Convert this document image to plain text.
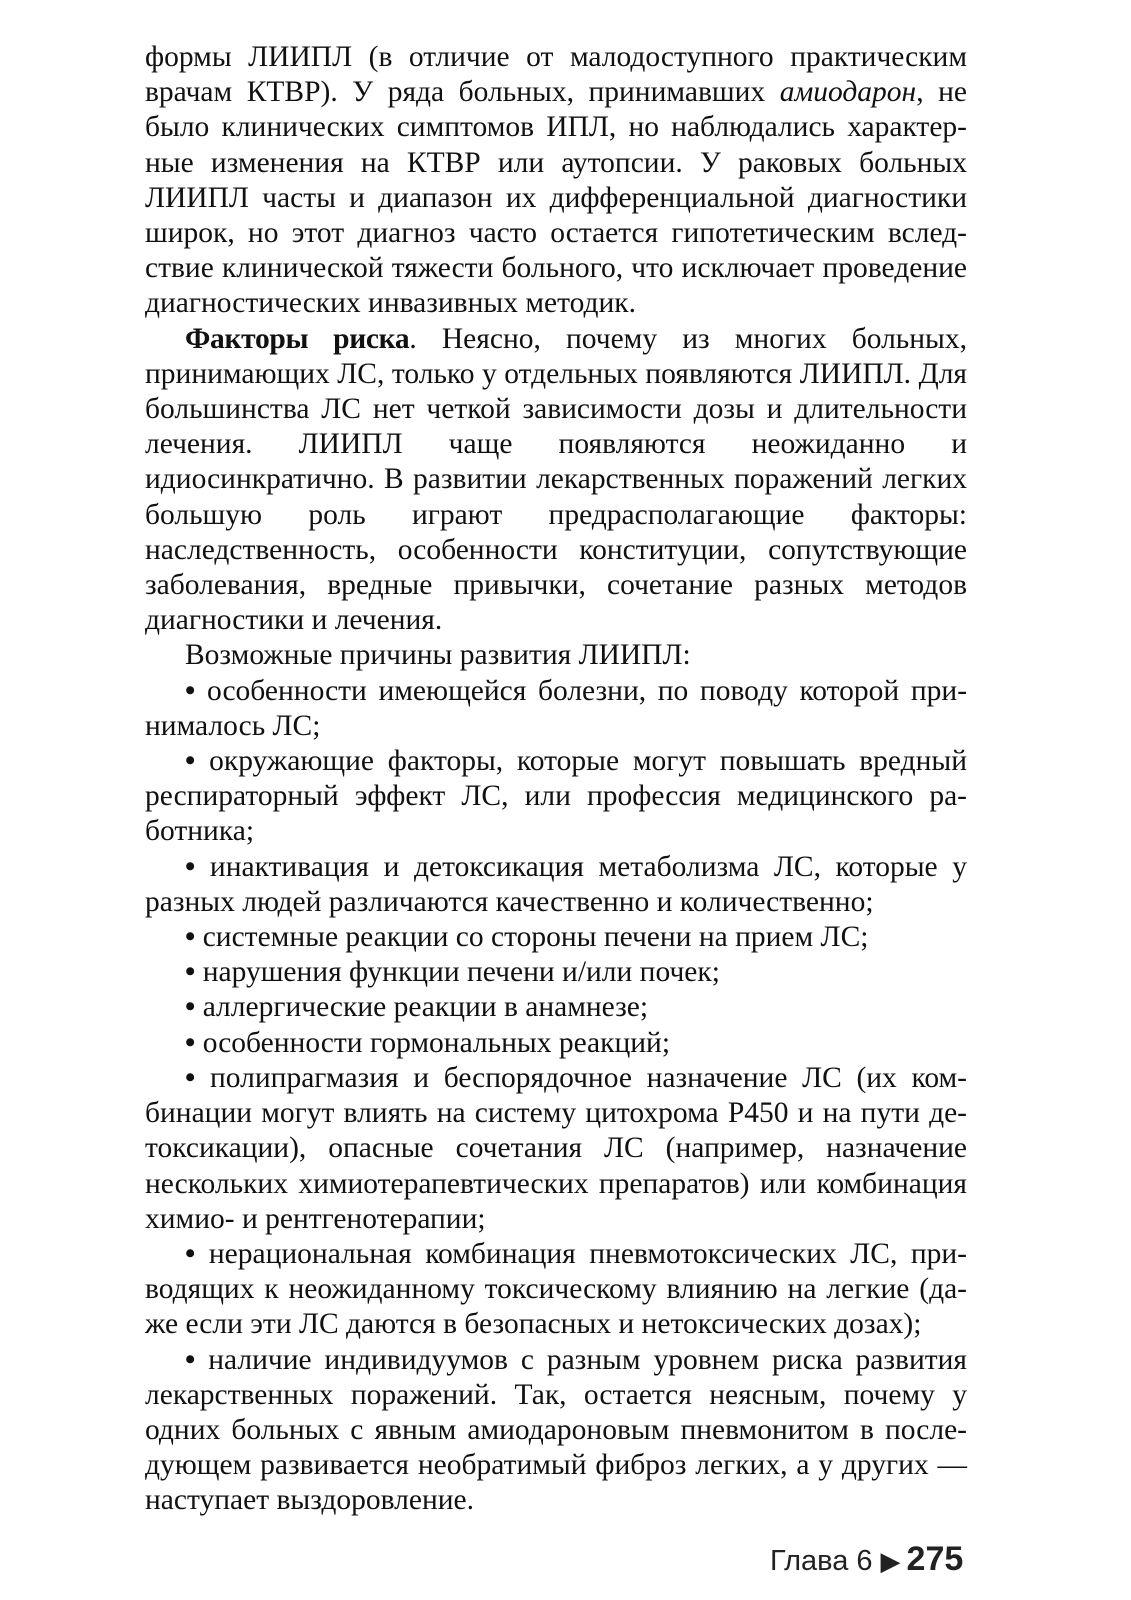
формы ЛИИПЛ (в отличие от малодоступного практическим врачам КТВР). У ряда больных, принимавших амиодарон, не было клинических симптомов ИПЛ, но наблюдались характерные изменения на КТВР или аутопсии. У раковых больных ЛИИПЛ часты и диапазон их дифференциальной диагностики широк, но этот диагноз часто остается гипотетическим вследствие клинической тяжести больного, что исключает проведение диагностических инвазивных методик.

Факторы риска. Неясно, почему из многих больных, принимающих ЛС, только у отдельных появляются ЛИИПЛ. Для большинства ЛС нет четкой зависимости дозы и длительности лечения. ЛИИПЛ чаще появляются неожиданно и идиосинкратично. В развитии лекарственных поражений легких большую роль играют предрасполагающие факторы: наследственность, особенности конституции, сопутствующие заболевания, вредные привычки, сочетание разных методов диагностики и лечения.

Возможные причины развития ЛИИПЛ:

• особенности имеющейся болезни, по поводу которой принималось ЛС;

• окружающие факторы, которые могут повышать вредный респираторный эффект ЛС, или профессия медицинского работника;

• инактивация и детоксикация метаболизма ЛС, которые у разных людей различаются качественно и количественно;

• системные реакции со стороны печени на прием ЛС;

• нарушения функции печени и/или почек;

• аллергические реакции в анамнезе;

• особенности гормональных реакций;

• полипрагмазия и беспорядочное назначение ЛС (их комбинации могут влиять на систему цитохрома P450 и на пути детоксикации), опасные сочетания ЛС (например, назначение нескольких химиотерапевтических препаратов) или комбинация химио- и рентгенотерапии;

• нерациональная комбинация пневмотоксических ЛС, приводящих к неожиданному токсическому влиянию на легкие (даже если эти ЛС даются в безопасных и нетоксических дозах);

• наличие индивидуумов с разным уровнем риска развития лекарственных поражений. Так, остается неясным, почему у одних больных с явным амиодароновым пневмонитом в последующем развивается необратимый фиброз легких, а у других — наступает выздоровление.

Глава 6 ▶ 275
